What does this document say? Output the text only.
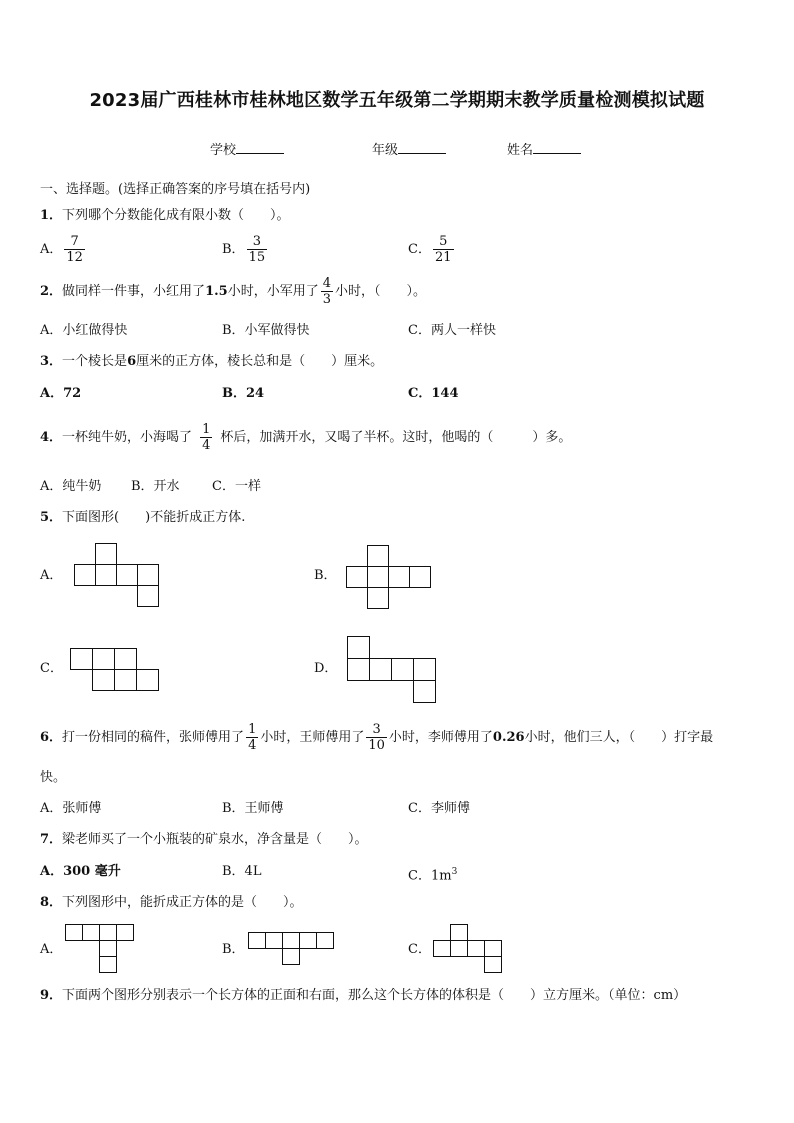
2023届广西桂林市桂林地区数学五年级第二学期期末教学质量检测模拟试题
学校	年级	姓名
一、选择题。(选择正确答案的序号填在括号内)
1．下列哪个分数能化成有限小数（　　）。
A． $\frac{7}{12}$	B． $\frac{3}{15}$	C． $\frac{5}{21}$
2．做同样一件事，小红用了1.5小时，小军用了 $\frac{4}{3}$ 小时，（　　）。
A．小红做得快	B．小军做得快	C．两人一样快
3．一个棱长是6厘米的正方体，棱长总和是（　　）厘米。
A．72	B．24	C．144
4．一杯纯牛奶，小海喝了 $\frac{1}{4}$ 杯后，加满开水，又喝了半杯。这时，他喝的（　　　）多。
A．纯牛奶 B．开水 C．一样
5．下面图形(　　)不能折成正方体.
A．	B．
C．	D．
6．打一份相同的稿件，张师傅用了 $\frac{1}{4}$ 小时，王师傅用了 $\frac{3}{10}$ 小时，李师傅用了0.26小时，他们三人，（　　）打字最
快。
A．张师傅	B．王师傅	C．李师傅
7．梁老师买了一个小瓶装的矿泉水，净含量是（　　）。
A．300 毫升	B．4L	C．$1m^3$
8．下列图形中，能折成正方体的是（　　）。
A．	B．	C．
9．下面两个图形分别表示一个长方体的正面和右面，那么这个长方体的体积是（　　）立方厘米。（单位：cm）
